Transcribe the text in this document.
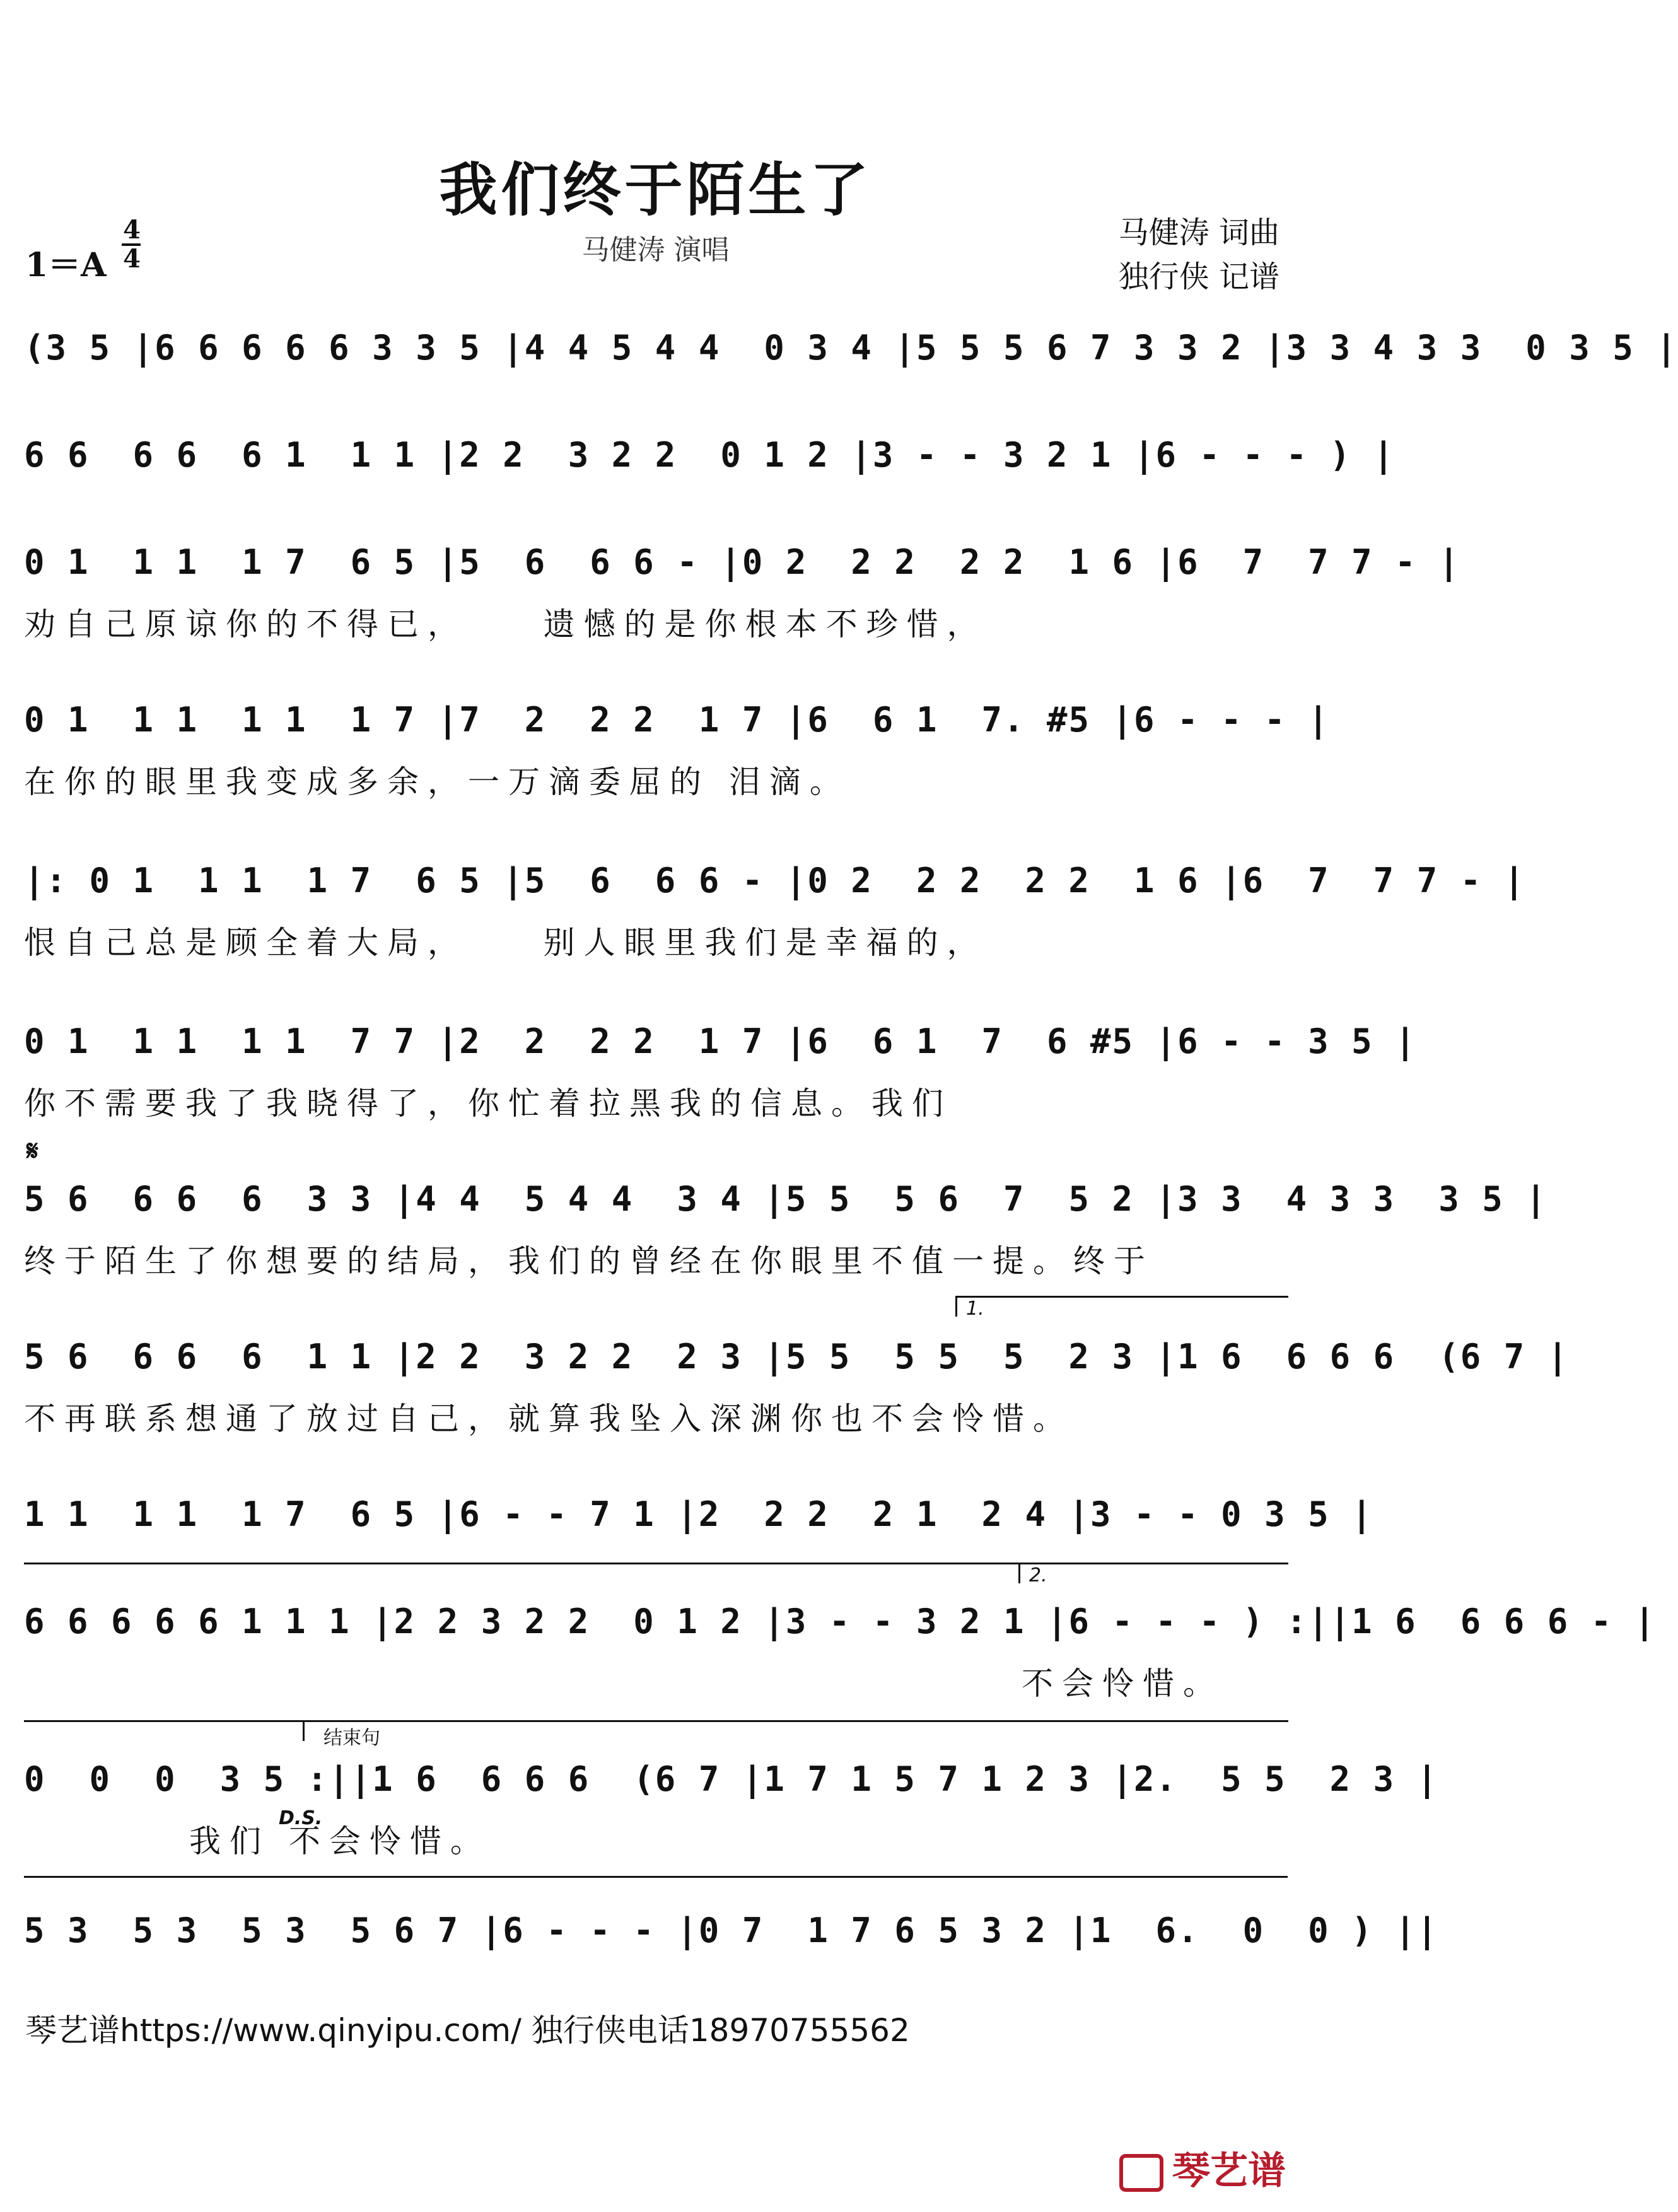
我们终于陌生了
马健涛 演唱
1＝A
4
4
马健涛 词曲
独行侠 记谱
(3 5 |6 6 6 6 6 3 3 5 |4 4 5 4 4  0 3 4 |5 5 5 6 7 3 3 2 |3 3 4 3 3  0 3 5 |
6 6  6 6  6 1  1 1 |2 2  3 2 2  0 1 2 |3 - - 3 2 1 |6 - - - ) |
0 1  1 1  1 7  6 5 |5  6  6 6 - |0 2  2 2  2 2  1 6 |6  7  7 7 - |
劝自己原谅你的不得已，    遗憾的是你根本不珍惜，
0 1  1 1  1 1  1 7 |7  2  2 2  1 7 |6  6 1  7. #5 |6 - - - |
在你的眼里我变成多余，一万滴委屈的 泪滴。
|: 0 1  1 1  1 7  6 5 |5  6  6 6 - |0 2  2 2  2 2  1 6 |6  7  7 7 - |
恨自己总是顾全着大局，    别人眼里我们是幸福的，
0 1  1 1  1 1  7 7 |2  2  2 2  1 7 |6  6 1  7  6 #5 |6 - - 3 5 |
你不需要我了我晓得了，你忙着拉黑我的信息。我们
𝄋
5 6  6 6  6  3 3 |4 4  5 4 4  3 4 |5 5  5 6  7  5 2 |3 3  4 3 3  3 5 |
终于陌生了你想要的结局，我们的曾经在你眼里不值一提。终于
1.
5 6  6 6  6  1 1 |2 2  3 2 2  2 3 |5 5  5 5  5  2 3 |1 6  6 6 6  (6 7 |
不再联系想通了放过自己，就算我坠入深渊你也不会怜惜。
1 1  1 1  1 7  6 5 |6 - - 7 1 |2  2 2  2 1  2 4 |3 - - 0 3 5 |
2.
6 6 6 6 6 1 1 1 |2 2 3 2 2  0 1 2 |3 - - 3 2 1 |6 - - - ) :||1 6  6 6 6 - |
不会怜惜。
结束句
0  0  0  3 5 :||1 6  6 6 6  (6 7 |1 7 1 5 7 1 2 3 |2.  5 5  2 3 |
我们 不会怜惜。
D.S.
5 3  5 3  5 3  5 6 7 |6 - - - |0 7  1 7 6 5 3 2 |1  6.  0  0 ) ||
琴艺谱https://www.qinyipu.com/ 独行侠电话18970755562
琴艺谱
